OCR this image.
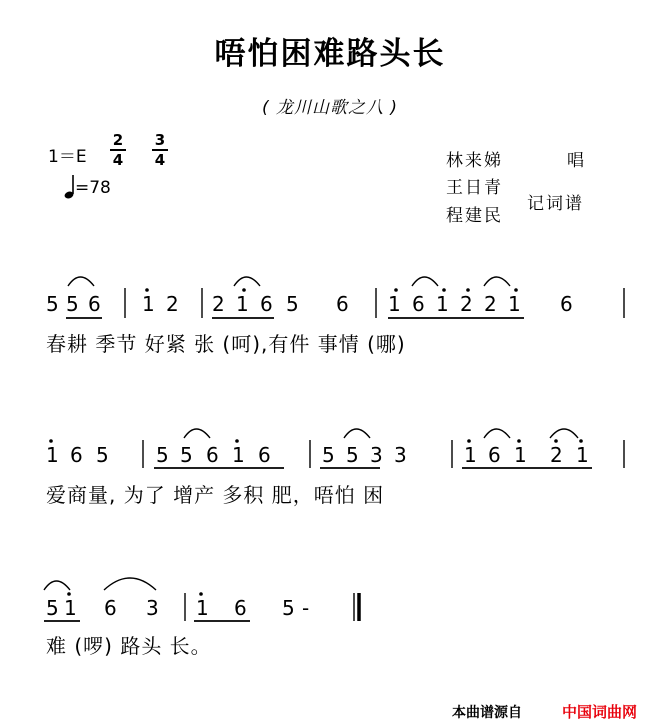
唔怕困难路头长
( 龙川山歌之八 )
1＝E
2
4
3
4
=78
林来娣	唱
王日青
程建民
记词谱
5 5 6 1 2 2 1 6 5 6 1 6 1 2 2 1 6
春耕 季节 好紧 张 (呵),有件 事情 (哪)
1 6 5 5 5 6 1 6	5 5 3 3	1 6 1 2 1
爱商量, 为了 增产 多积 肥，唔怕 困
5 1 6 3 1 6 5 -
难 (啰) 路头 长。
本曲谱源自	中国词曲网
